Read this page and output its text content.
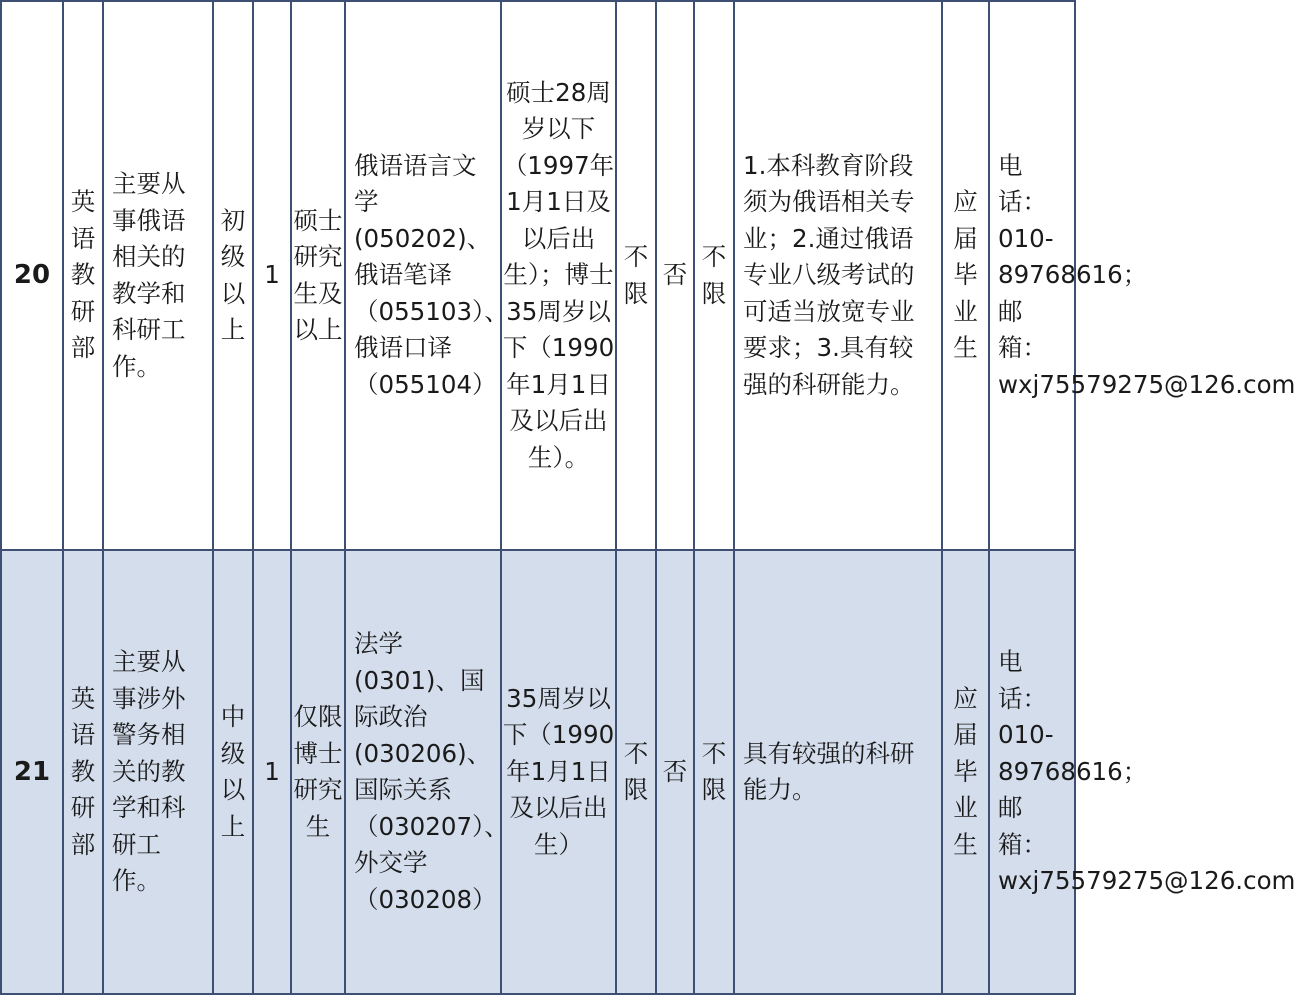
20	英语教研部	主要从事俄语相关的教学和科研工作。	初级以上	1	硕士研究生及以上	俄语语言文学(050202)、俄语笔译（055103）、俄语口译（055104）	硕士28周岁以下（1997年1月1日及以后出生）；博士35周岁以下（1990年1月1日及以后出生）。	不限	否	不限	1.本科教育阶段须为俄语相关专业；2.通过俄语专业八级考试的可适当放宽专业要求；3.具有较强的科研能力。	应届毕业生	电话：010-89768616；邮箱：wxj75579275@126.com
21	英语教研部	主要从事涉外警务相关的教学和科研工作。	中级以上	1	仅限博士研究生	法学(0301)、国际政治(030206)、国际关系（030207）、外交学（030208）	35周岁以下（1990年1月1日及以后出生）	不限	否	不限	具有较强的科研能力。	应届毕业生	电话：010-89768616；邮箱：wxj75579275@126.com
